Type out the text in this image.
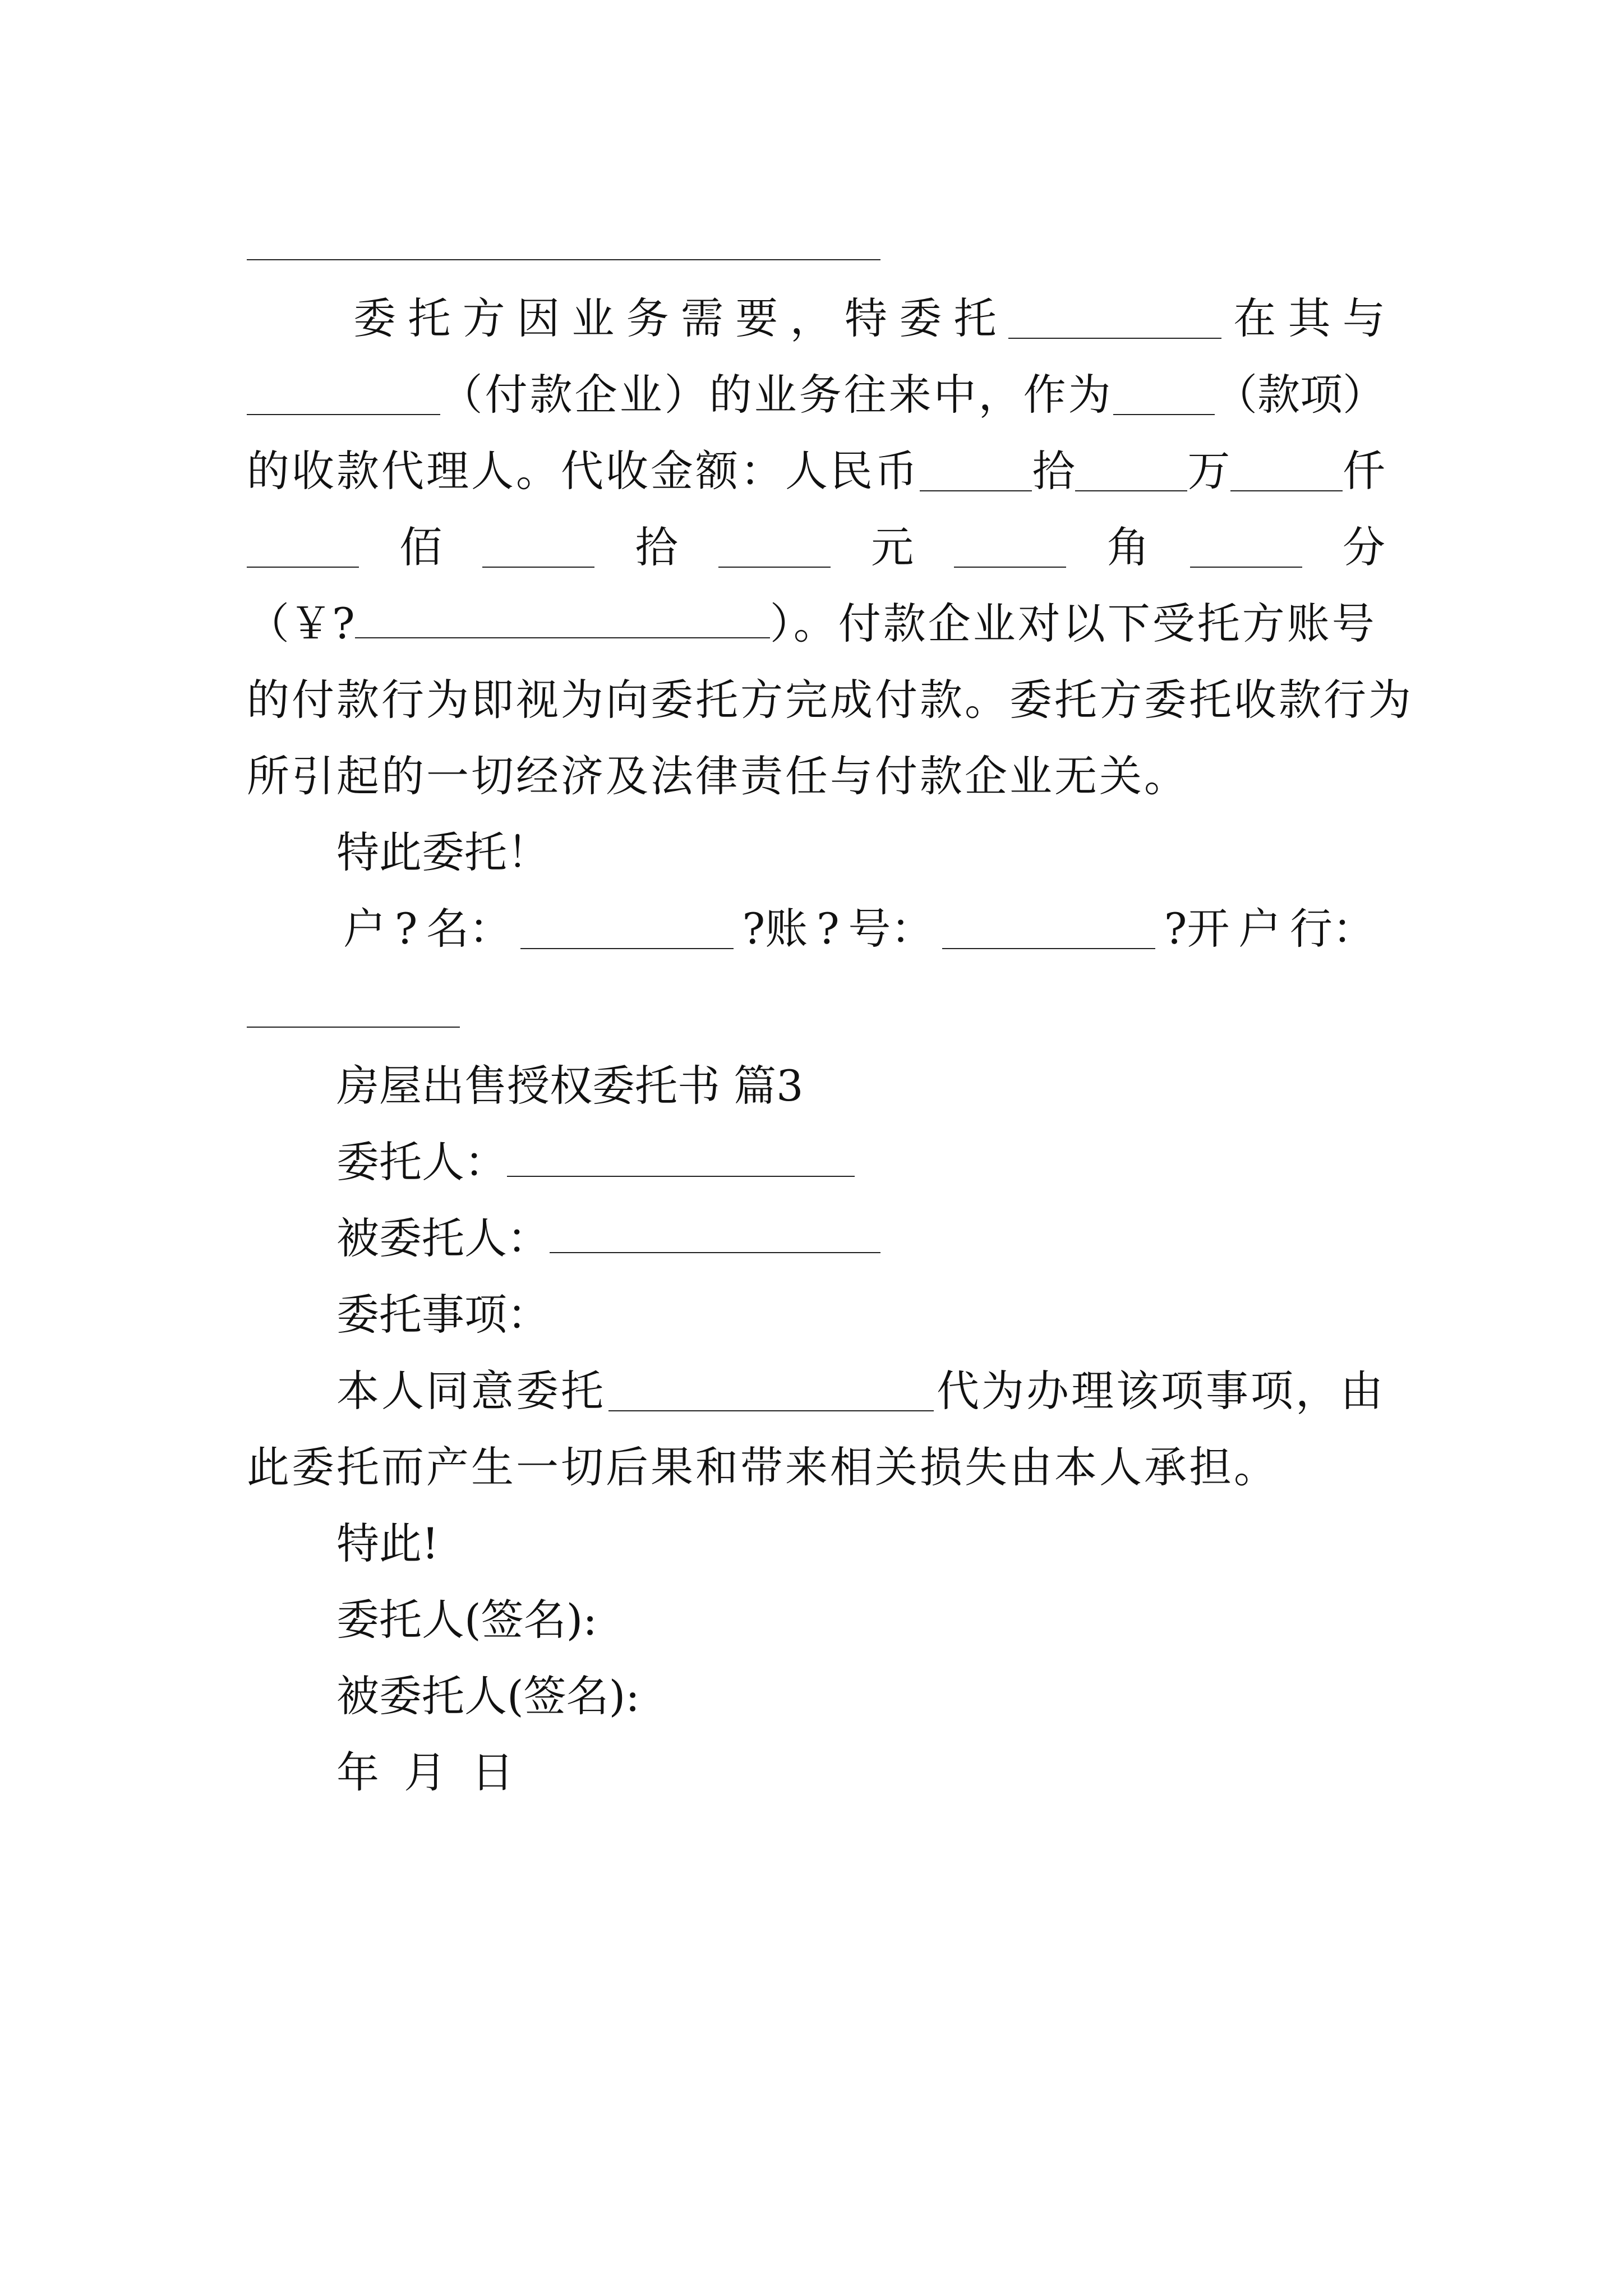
委 托 方 因 业 务 需 要 ， 特 委 托	在 其 与
（付款企业）的业务往来中，作为 （款项）
的收款代理人。代收金额：人民币	拾	万	仟
佰	拾	元	角	分
（￥?	）。付款企业对以下受托方账号
的付款行为即视为向委托方完成付款。委托方委托收款行为
所引起的一切经济及法律责任与付款企业无关。
特此委托！
户 ? 名：	?账 ? 号：	?开 户 行：
房屋出售授权委托书 篇3
委托人：
被委托人：
委托事项：
本人同意委托	代为办理该项事项，由
此委托而产生一切后果和带来相关损失由本人承担。
特此!
委托人(签名):
被委托人(签名):
年 月 日
